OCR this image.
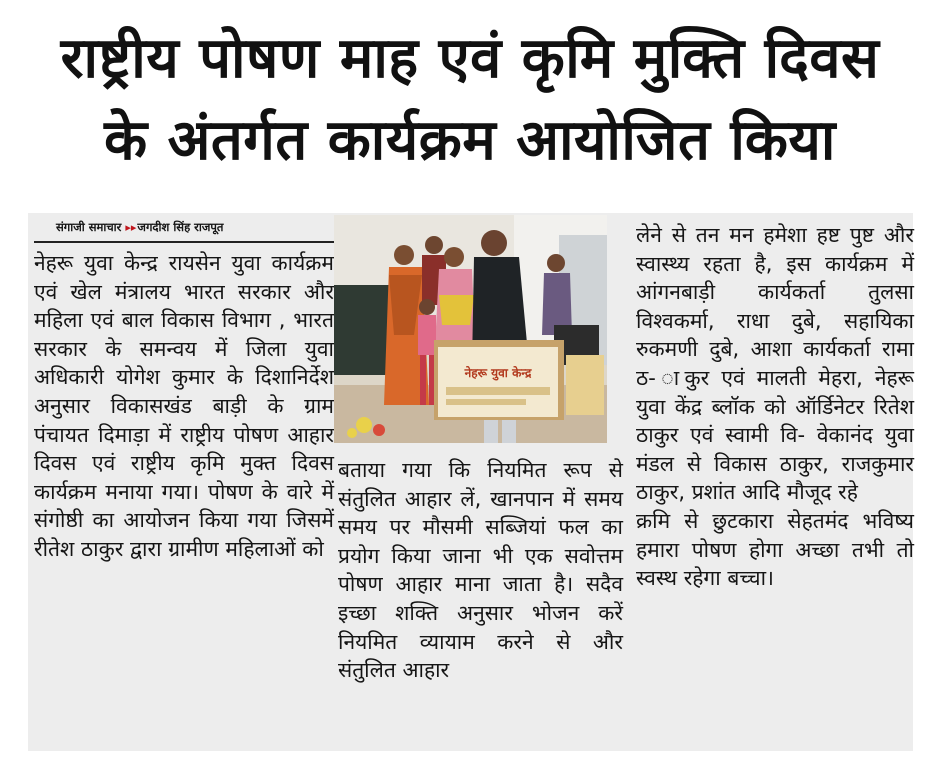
राष्ट्रीय पोषण माह एवं कृमि मुक्ति दिवस
के अंतर्गत कार्यक्रम आयोजित किया
संगाजी समाचार ▸▸जगदीश सिंह राजपूत

नेहरू युवा केन्द्र रायसेन युवा कार्यक्रम एवं खेल मंत्रालय भारत सरकार और महिला एवं बाल विकास विभाग , भारत सरकार के समन्वय में जिला युवा अधिकारी योगेश कुमार के दिशानिर्देश अनुसार विकासखंड बाड़ी के ग्राम पंचायत दिमाड़ा में राष्ट्रीय पोषण आहार दिवस एवं राष्ट्रीय कृमि मुक्त दिवस कार्यक्रम मनाया गया। पोषण के वारे में संगोष्ठी का आयोजन किया गया जिसमें रीतेश ठाकुर द्वारा ग्रामीण महिलाओं को

नेहरू युवा केन्द्र

बताया गया कि नियमित रूप से संतुलित आहार लें, खानपान में समय समय पर मौसमी सब्जियां फल का प्रयोग किया जाना भी एक सवोत्तम पोषण आहार माना जाता है। सदैव इच्छा शक्ति अनुसार भोजन करें नियमित व्यायाम करने से और संतुलित आहार

लेने से तन मन हमेशा हष्ट पुष्ट और स्वास्थ्य रहता है, इस कार्यक्रम में आंगनबाड़ी कार्यकर्ता तुलसा विश्वकर्मा, राधा दुबे, सहायिका रुकमणी दुबे, आशा कार्यकर्ता रामा ठ- ाकुर एवं मालती मेहरा, नेहरू युवा केंद्र ब्लॉक को ऑर्डिनेटर रितेश ठाकुर एवं स्वामी वि- वेकानंद युवा मंडल से विकास ठाकुर, राजकुमार ठाकुर, प्रशांत आदि मौजूद रहे

क्रमि से छुटकारा सेहतमंद भविष्य हमारा पोषण होगा अच्छा तभी तो स्वस्थ रहेगा बच्चा।
